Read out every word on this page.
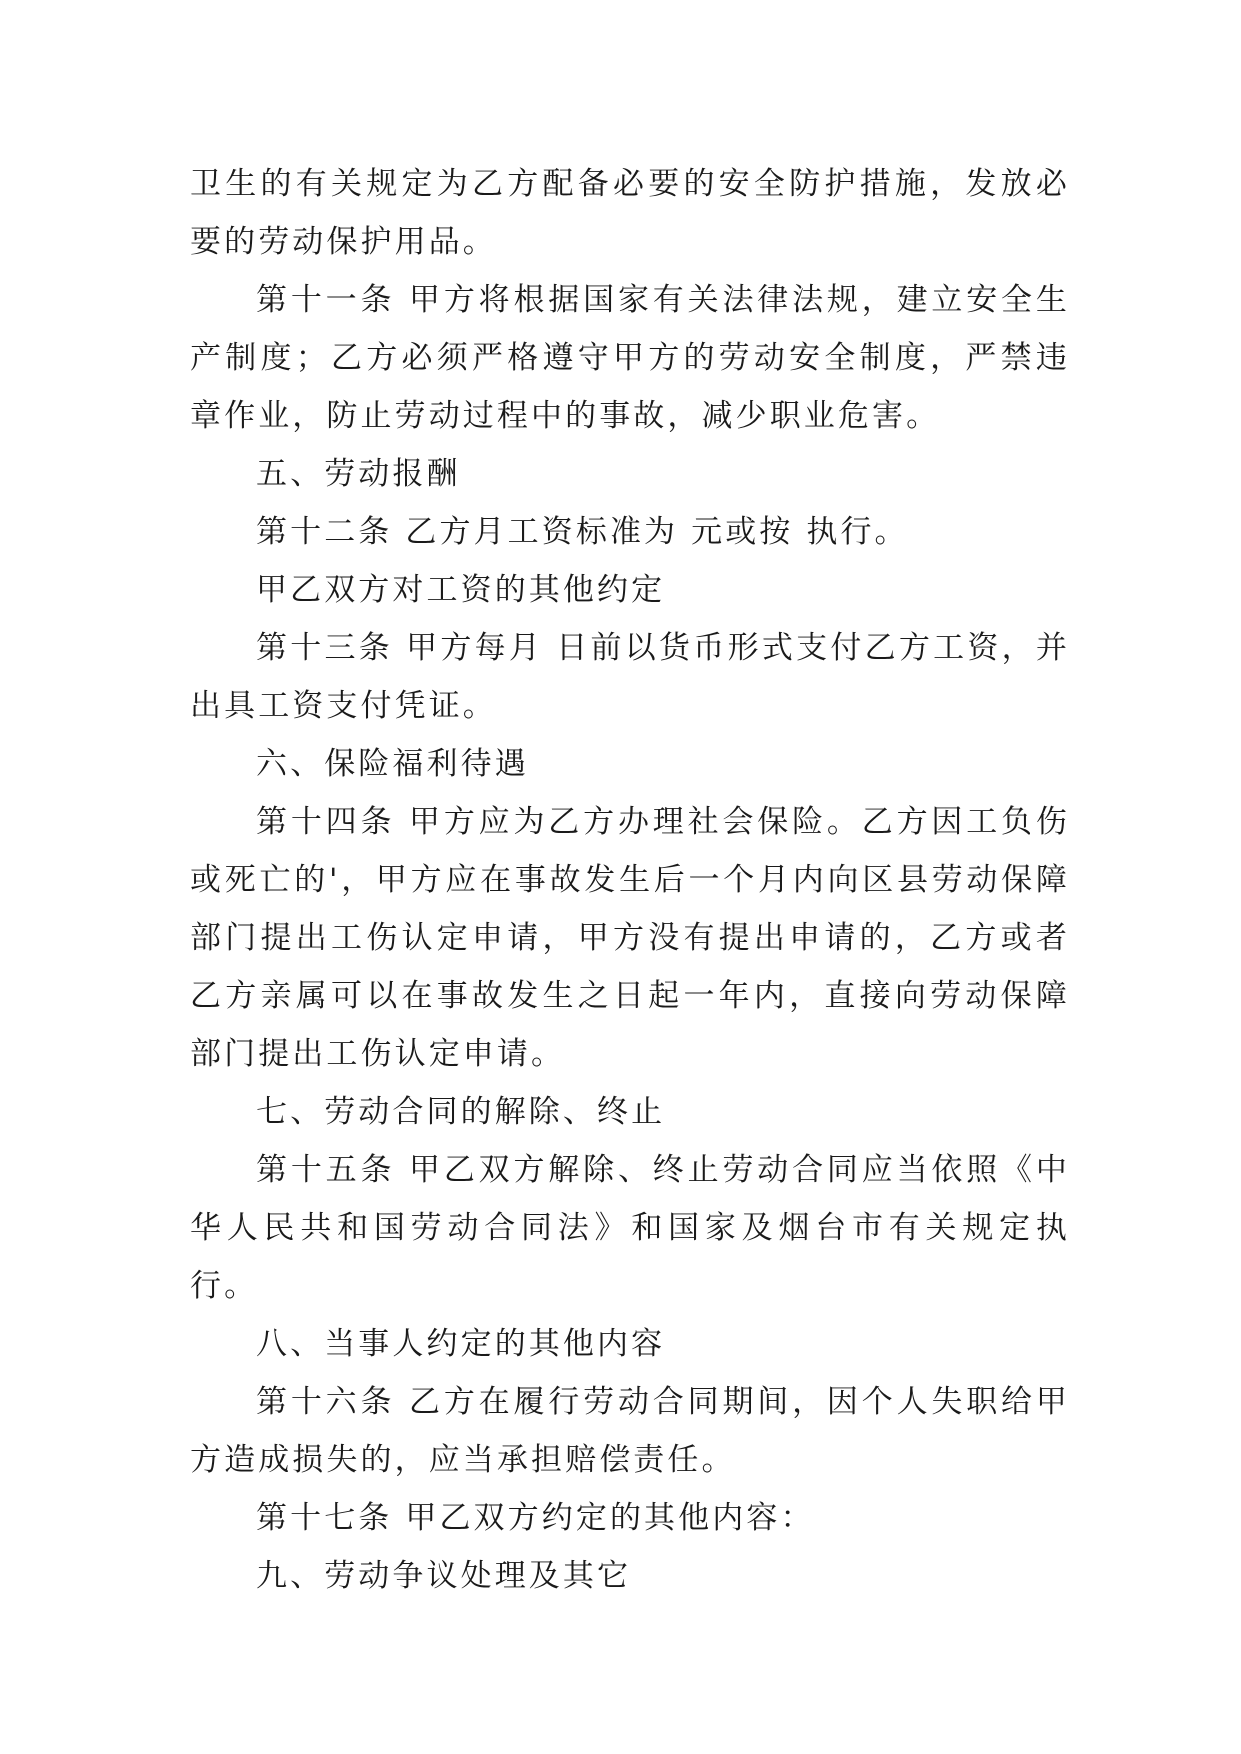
卫生的有关规定为乙方配备必要的安全防护措施，发放必要的劳动保护用品。

第十一条 甲方将根据国家有关法律法规，建立安全生产制度；乙方必须严格遵守甲方的劳动安全制度，严禁违章作业，防止劳动过程中的事故，减少职业危害。

五、劳动报酬

第十二条 乙方月工资标准为 元或按 执行。

甲乙双方对工资的其他约定

第十三条 甲方每月 日前以货币形式支付乙方工资，并出具工资支付凭证。

六、保险福利待遇

第十四条 甲方应为乙方办理社会保险。乙方因工负伤或死亡的'，甲方应在事故发生后一个月内向区县劳动保障部门提出工伤认定申请，甲方没有提出申请的，乙方或者乙方亲属可以在事故发生之日起一年内，直接向劳动保障部门提出工伤认定申请。

七、劳动合同的解除、终止

第十五条 甲乙双方解除、终止劳动合同应当依照《中华人民共和国劳动合同法》和国家及烟台市有关规定执行。

八、当事人约定的其他内容

第十六条 乙方在履行劳动合同期间，因个人失职给甲方造成损失的，应当承担赔偿责任。

第十七条 甲乙双方约定的其他内容：

九、劳动争议处理及其它
